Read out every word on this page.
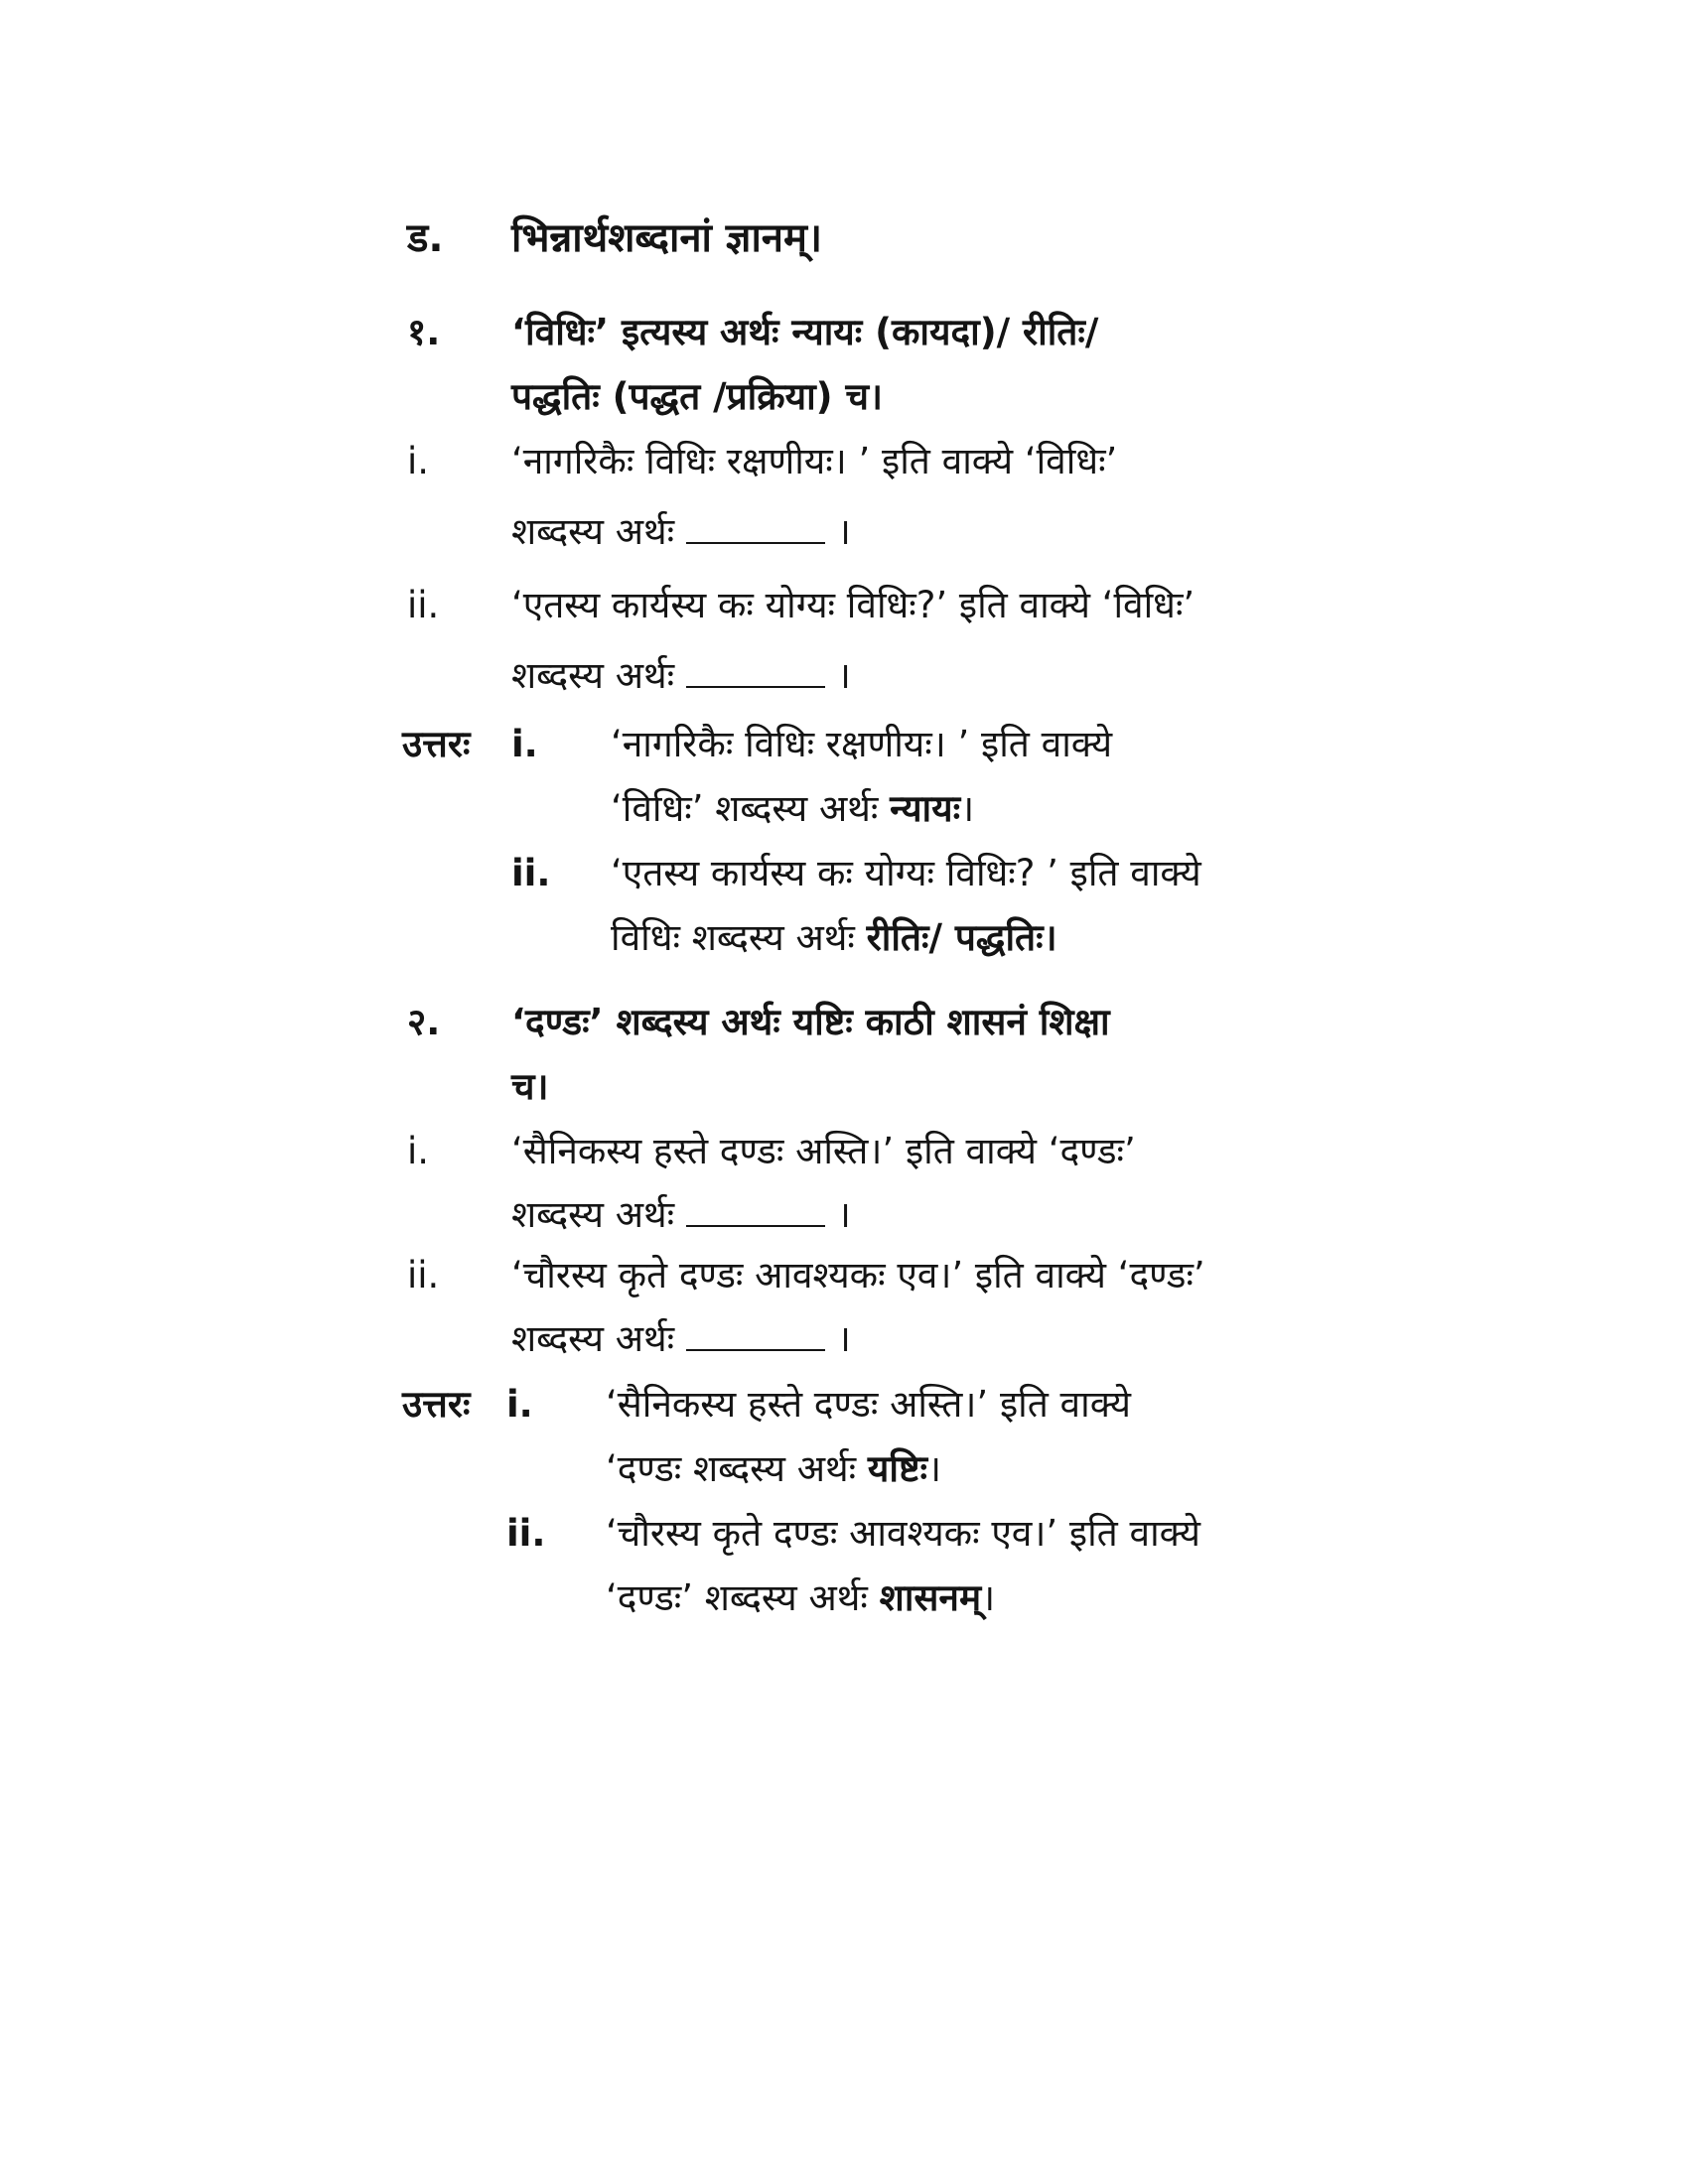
ड. भिन्नार्थशब्दानां ज्ञानम्।
१. ‘विधिः’ इत्यस्य अर्थः न्यायः (कायदा)/ रीतिः/
पद्धतिः (पद्धत /प्रक्रिया) च।
i. ‘नागरिकैः विधिः रक्षणीयः। ’ इति वाक्ये ‘विधिः’
शब्दस्य अर्थः	।
ii. ‘एतस्य कार्यस्य कः योग्यः विधिः?’ इति वाक्ये ‘विधिः’
शब्दस्य अर्थः	।
उत्तरः i. ‘नागरिकैः विधिः रक्षणीयः। ’ इति वाक्ये
‘विधिः’ शब्दस्य अर्थः न्यायः।
ii. ‘एतस्य कार्यस्य कः योग्यः विधिः? ’ इति वाक्ये
विधिः शब्दस्य अर्थः रीतिः/ पद्धतिः।
२. ‘दण्डः’ शब्दस्य अर्थः यष्टिः काठी शासनं शिक्षा
च।
i. ‘सैनिकस्य हस्ते दण्डः अस्ति।’ इति वाक्ये ‘दण्डः’
शब्दस्य अर्थः	।
ii. ‘चौरस्य कृते दण्डः आवश्यकः एव।’ इति वाक्ये ‘दण्डः’
शब्दस्य अर्थः	।
उत्तरः i. ‘सैनिकस्य हस्ते दण्डः अस्ति।’ इति वाक्ये
‘दण्डः शब्दस्य अर्थः यष्टिः।
ii. ‘चौरस्य कृते दण्डः आवश्यकः एव।’ इति वाक्ये
‘दण्डः’ शब्दस्य अर्थः शासनम्।
